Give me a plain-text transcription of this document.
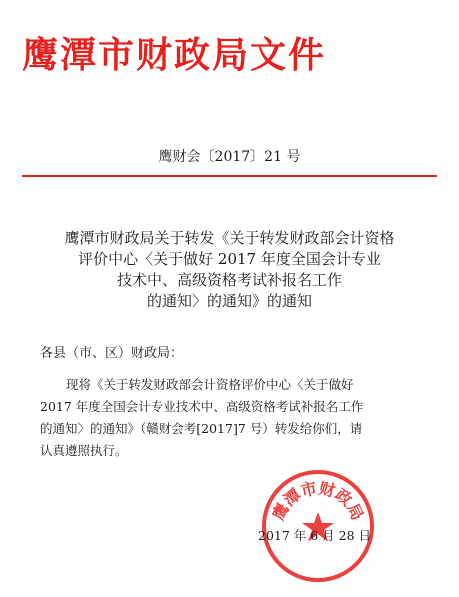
鹰潭市财政局文件
鹰财会〔2017〕21 号
鹰潭市财政局关于转发《关于转发财政部会计资格
评价中心〈关于做好 2017 年度全国会计专业
技术中、高级资格考试补报名工作
的通知〉的通知》的通知
各县（市、区）财政局：
现将《关于转发财政部会计资格评价中心〈关于做好
2017 年度全国会计专业技术中、高级资格考试补报名工作
的通知〉的通知》（赣财会考[2017]7 号）转发给你们，请
认真遵照执行。
鹰潭市财政局
2017 年 6 月 28 日
